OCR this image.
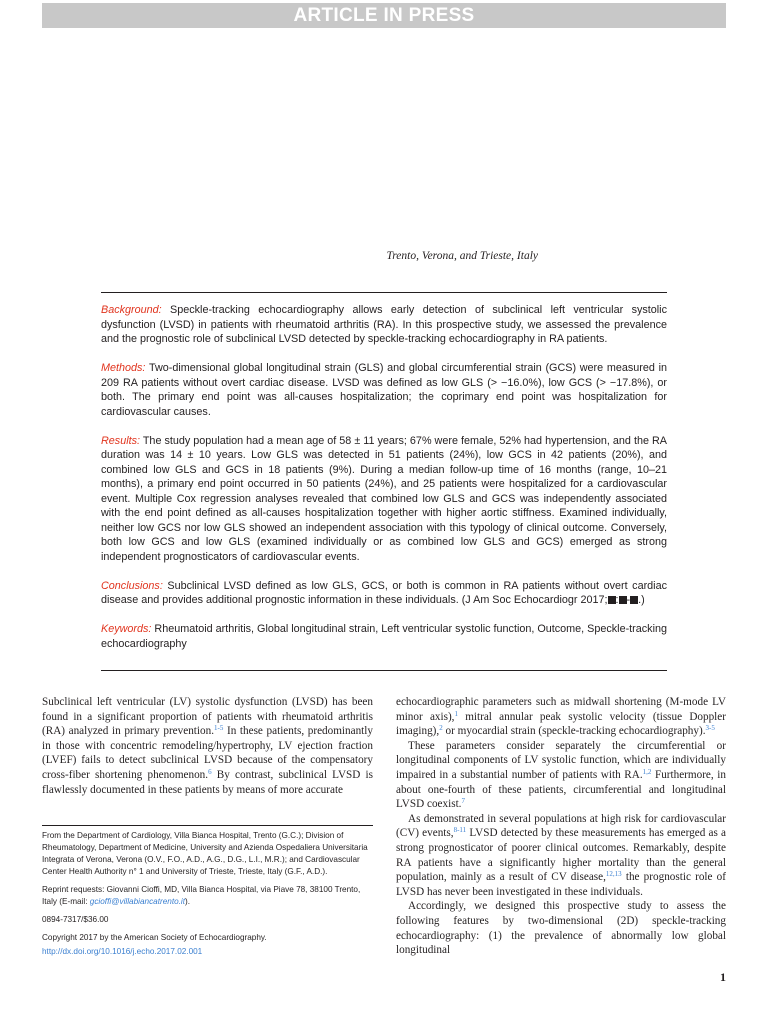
ARTICLE IN PRESS
Trento, Verona, and Trieste, Italy

Background: Speckle-tracking echocardiography allows early detection of subclinical left ventricular systolic dysfunction (LVSD) in patients with rheumatoid arthritis (RA). In this prospective study, we assessed the prevalence and the prognostic role of subclinical LVSD detected by speckle-tracking echocardiography in RA patients.

Methods: Two-dimensional global longitudinal strain (GLS) and global circumferential strain (GCS) were measured in 209 RA patients without overt cardiac disease. LVSD was defined as low GLS (> −16.0%), low GCS (> −17.8%), or both. The primary end point was all-causes hospitalization; the coprimary end point was hospitalization for cardiovascular causes.

Results: The study population had a mean age of 58 ± 11 years; 67% were female, 52% had hypertension, and the RA duration was 14 ± 10 years. Low GLS was detected in 51 patients (24%), low GCS in 42 patients (20%), and combined low GLS and GCS in 18 patients (9%). During a median follow-up time of 16 months (range, 10–21 months), a primary end point occurred in 50 patients (24%), and 25 patients were hospitalized for a cardiovascular event. Multiple Cox regression analyses revealed that combined low GLS and GCS was independently associated with the end point defined as all-causes hospitalization together with higher aortic stiffness. Examined individually, neither low GCS nor low GLS showed an independent association with this typology of clinical outcome. Conversely, both low GCS and low GLS (examined individually or as combined low GLS and GCS) emerged as strong independent prognosticators of cardiovascular events.

Conclusions: Subclinical LVSD defined as low GLS, GCS, or both is common in RA patients without overt cardiac disease and provides additional prognostic information in these individuals. (J Am Soc Echocardiogr 2017; : - .)

Keywords: Rheumatoid arthritis, Global longitudinal strain, Left ventricular systolic function, Outcome, Speckle-tracking echocardiography

Subclinical left ventricular (LV) systolic dysfunction (LVSD) has been found in a significant proportion of patients with rheumatoid arthritis (RA) analyzed in primary prevention.$^{1-5}$ In these patients, predominantly in those with concentric remodeling/hypertrophy, LV ejection fraction (LVEF) fails to detect subclinical LVSD because of the compensatory cross-fiber shortening phenomenon.$^6$ By contrast, subclinical LVSD is flawlessly documented in these patients by means of more accurate

From the Department of Cardiology, Villa Bianca Hospital, Trento (G.C.); Division of Rheumatology, Department of Medicine, University and Azienda Ospedaliera Universitaria Integrata of Verona, Verona (O.V., F.O., A.D., A.G., D.G., L.I., M.R.); and Cardiovascular Center Health Authority n° 1 and University of Trieste, Trieste, Italy (G.F., A.D.).

Reprint requests: Giovanni Cioffi, MD, Villa Bianca Hospital, via Piave 78, 38100 Trento, Italy (E-mail: gcioffi@villabiancatrento.it).

0894-7317/$36.00

Copyright 2017 by the American Society of Echocardiography.

http://dx.doi.org/10.1016/j.echo.2017.02.001

echocardiographic parameters such as midwall shortening (M-mode LV minor axis),$^1$ mitral annular peak systolic velocity (tissue Doppler imaging),$^2$ or myocardial strain (speckle-tracking echocardiography).$^{3-5}$

These parameters consider separately the circumferential or longitudinal components of LV systolic function, which are individually impaired in a substantial number of patients with RA.$^{1,2}$ Furthermore, in about one-fourth of these patients, circumferential and longitudinal LVSD coexist.$^7$

As demonstrated in several populations at high risk for cardiovascular (CV) events,$^{8-11}$ LVSD detected by these measurements has emerged as a strong prognosticator of poorer clinical outcomes. Remarkably, despite RA patients have a significantly higher mortality than the general population, mainly as a result of CV disease,$^{12,13}$ the prognostic role of LVSD has never been investigated in these individuals.

Accordingly, we designed this prospective study to assess the following features by two-dimensional (2D) speckle-tracking echocardiography: (1) the prevalence of abnormally low global longitudinal

1
